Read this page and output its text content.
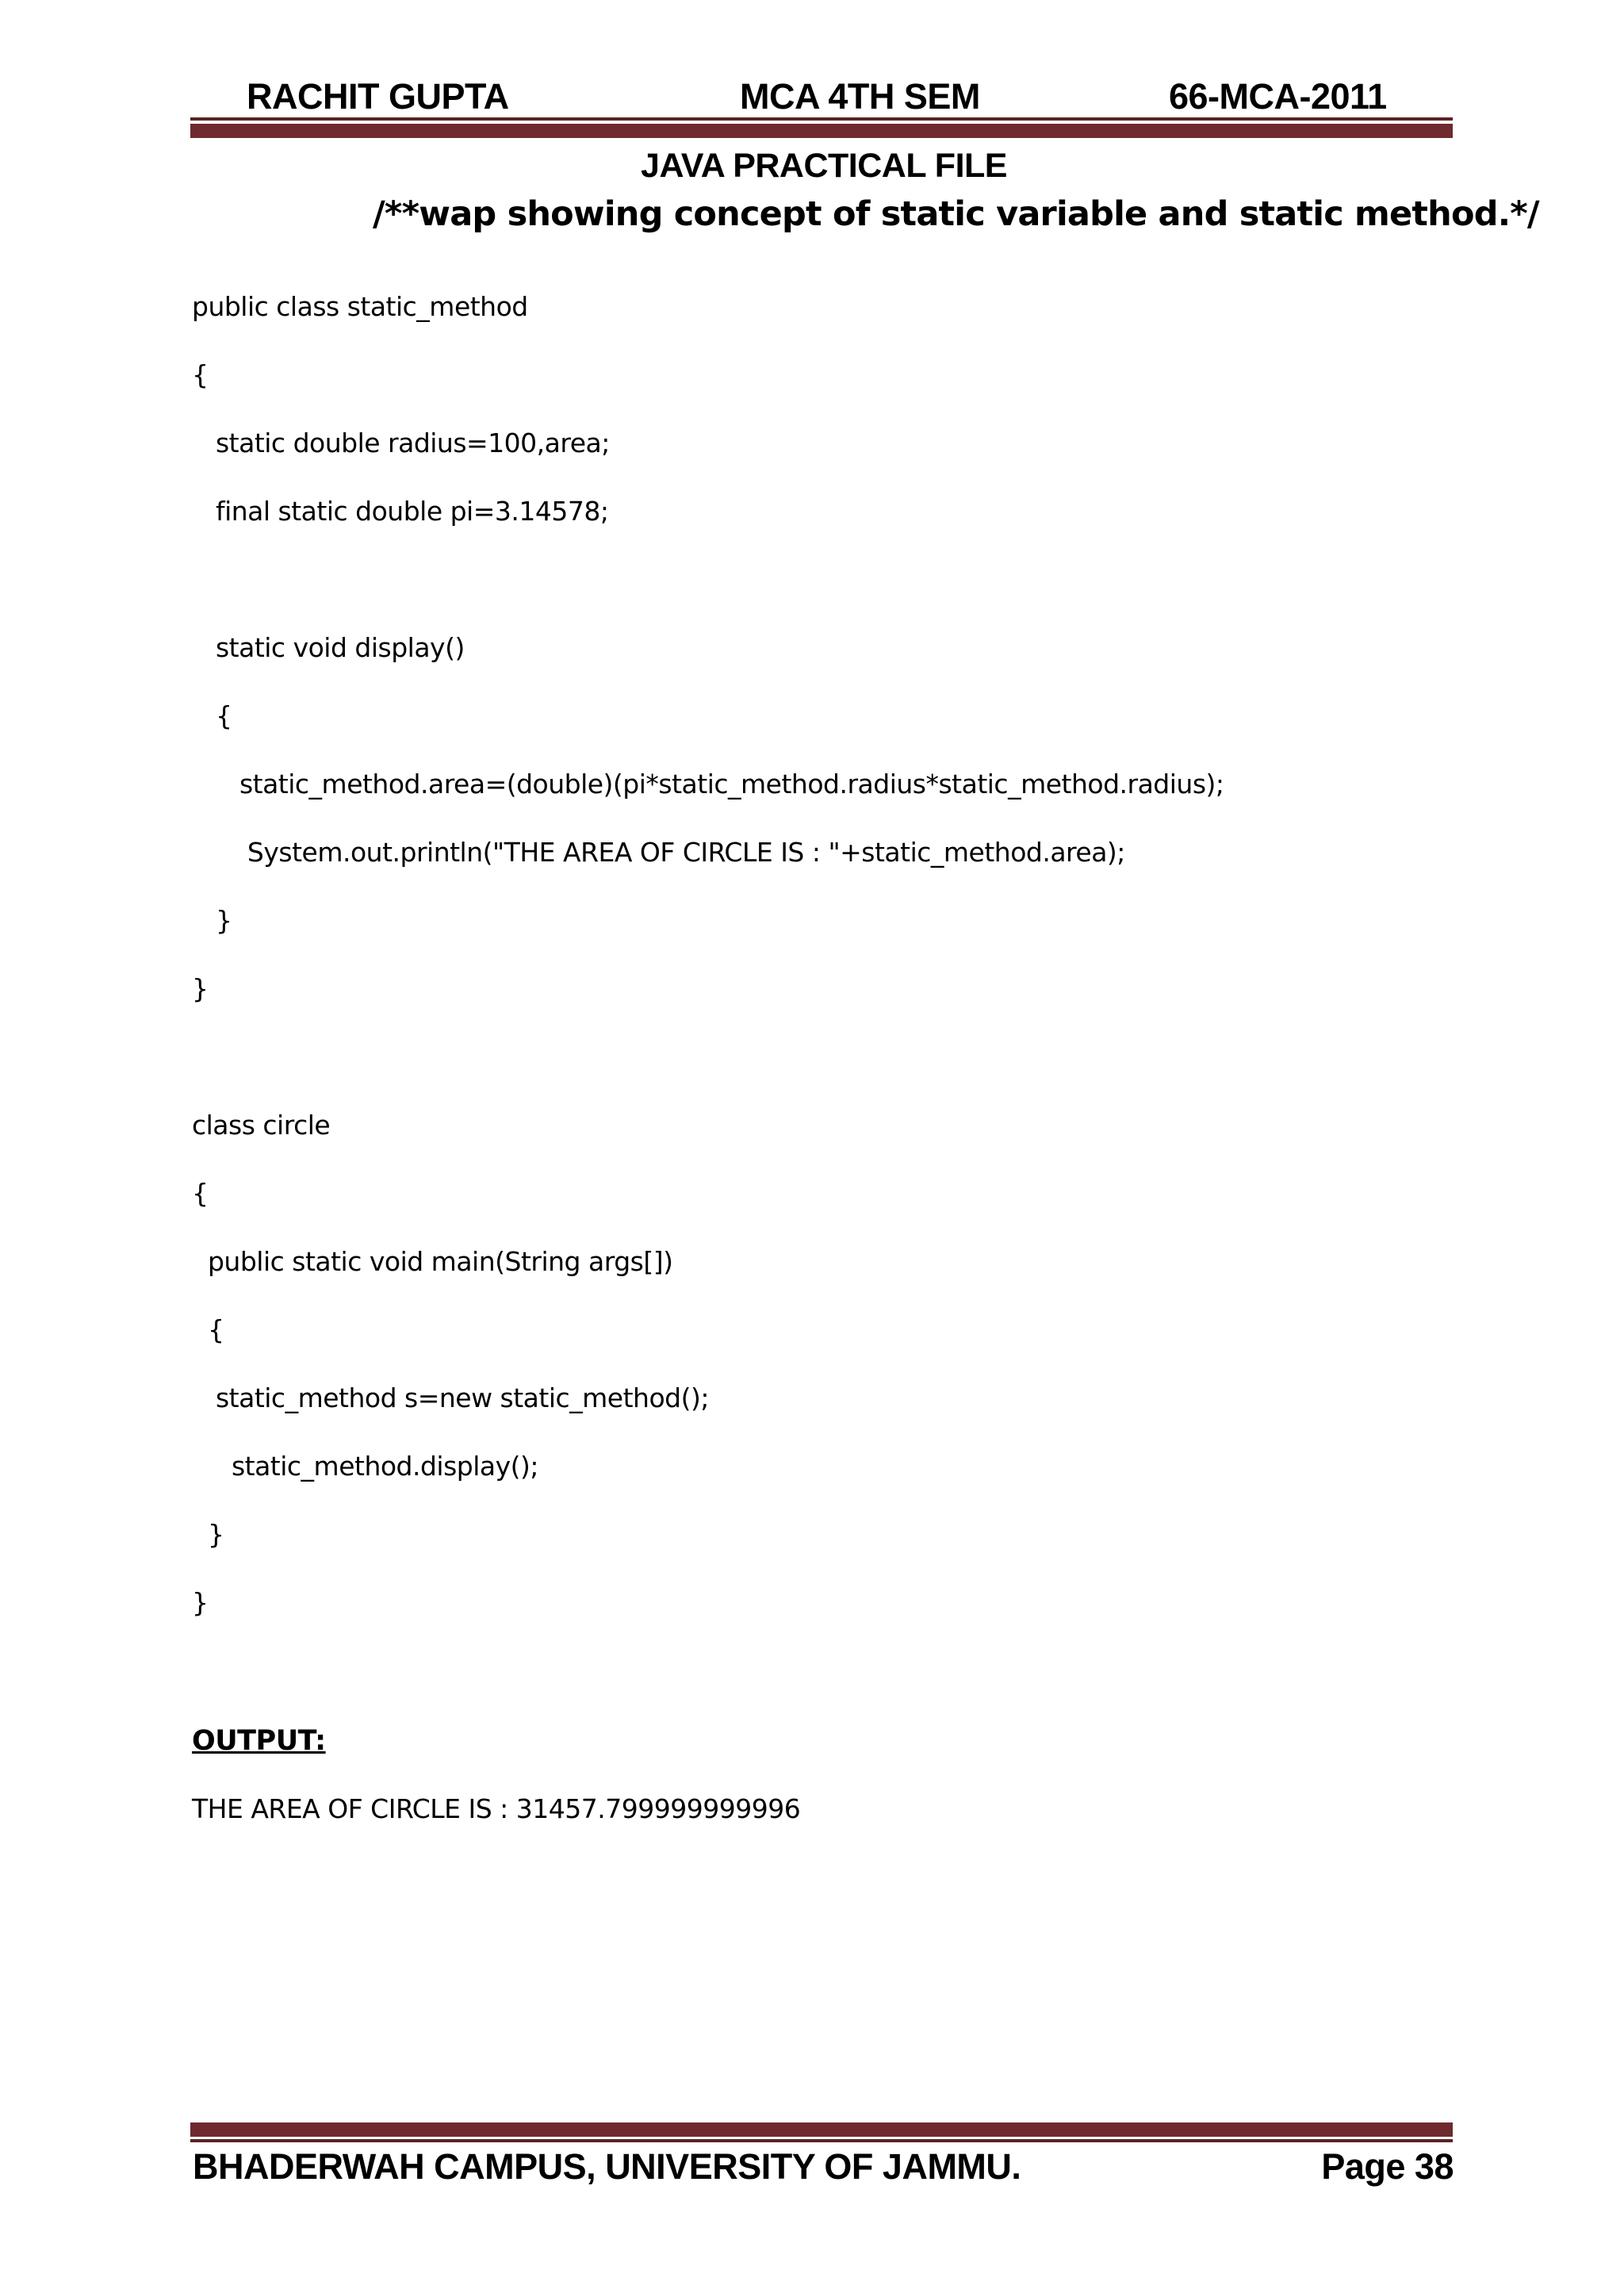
RACHIT GUPTA	MCA 4TH SEM	66-MCA-2011
JAVA PRACTICAL FILE
/**wap showing concept of static variable and static method.*/
public class static_method
{
static double radius=100,area;
final static double pi=3.14578;
static void display()
{
static_method.area=(double)(pi*static_method.radius*static_method.radius);
System.out.println("THE AREA OF CIRCLE IS : "+static_method.area);
}
}
class circle
{
public static void main(String args[])
{
static_method s=new static_method();
static_method.display();
}
}
OUTPUT:
THE AREA OF CIRCLE IS : 31457.799999999996
BHADERWAH CAMPUS, UNIVERSITY OF JAMMU.	Page 38
